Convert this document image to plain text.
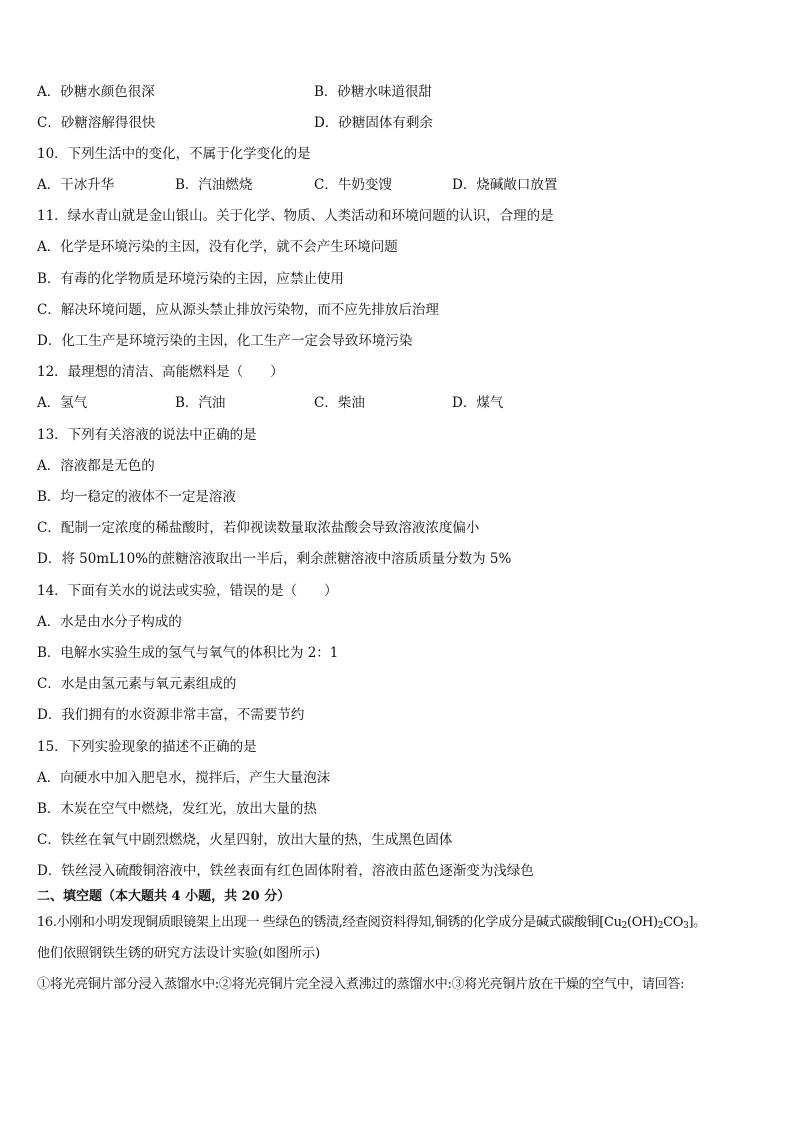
A．砂糖水颜色很深	B．砂糖水味道很甜
C．砂糖溶解得很快	D．砂糖固体有剩余
10．下列生活中的变化，不属于化学变化的是
A．干冰升华	B．汽油燃烧	C．牛奶变馊	D．烧碱敞口放置
11．绿水青山就是金山银山。关于化学、物质、人类活动和环境问题的认识，合理的是
A．化学是环境污染的主因，没有化学，就不会产生环境问题
B．有毒的化学物质是环境污染的主因，应禁止使用
C．解决环境问题，应从源头禁止排放污染物，而不应先排放后治理
D．化工生产是环境污染的主因，化工生产一定会导致环境污染
12．最理想的清洁、高能燃料是（　　）
A．氢气	B．汽油	C．柴油	D．煤气
13．下列有关溶液的说法中正确的是
A．溶液都是无色的
B．均一稳定的液体不一定是溶液
C．配制一定浓度的稀盐酸时，若仰视读数量取浓盐酸会导致溶液浓度偏小
D．将 50mL10%的蔗糖溶液取出一半后，剩余蔗糖溶液中溶质质量分数为 5%
14．下面有关水的说法或实验，错误的是（　　）
A．水是由水分子构成的
B．电解水实验生成的氢气与氧气的体积比为 2：1
C．水是由氢元素与氧元素组成的
D．我们拥有的水资源非常丰富，不需要节约
15．下列实验现象的描述不正确的是
A．向硬水中加入肥皂水，搅拌后，产生大量泡沫
B．木炭在空气中燃烧，发红光，放出大量的热
C．铁丝在氧气中剧烈燃烧，火星四射，放出大量的热，生成黑色固体
D．铁丝浸入硫酸铜溶液中，铁丝表面有红色固体附着，溶液由蓝色逐渐变为浅绿色
二、填空题（本大题共 4 小题，共 20 分）
16.小刚和小明发现铜质眼镜架上出现一 些绿色的锈渍,经查阅资料得知,铜锈的化学成分是碱式碳酸铜$[Cu_2(OH)_2CO_3]$。
他们依照钢铁生锈的研究方法设计实验(如图所示)
①将光亮铜片部分浸入蒸馏水中:②将光亮铜片完全浸入煮沸过的蒸馏水中:③将光亮铜片放在干燥的空气中，请回答:
